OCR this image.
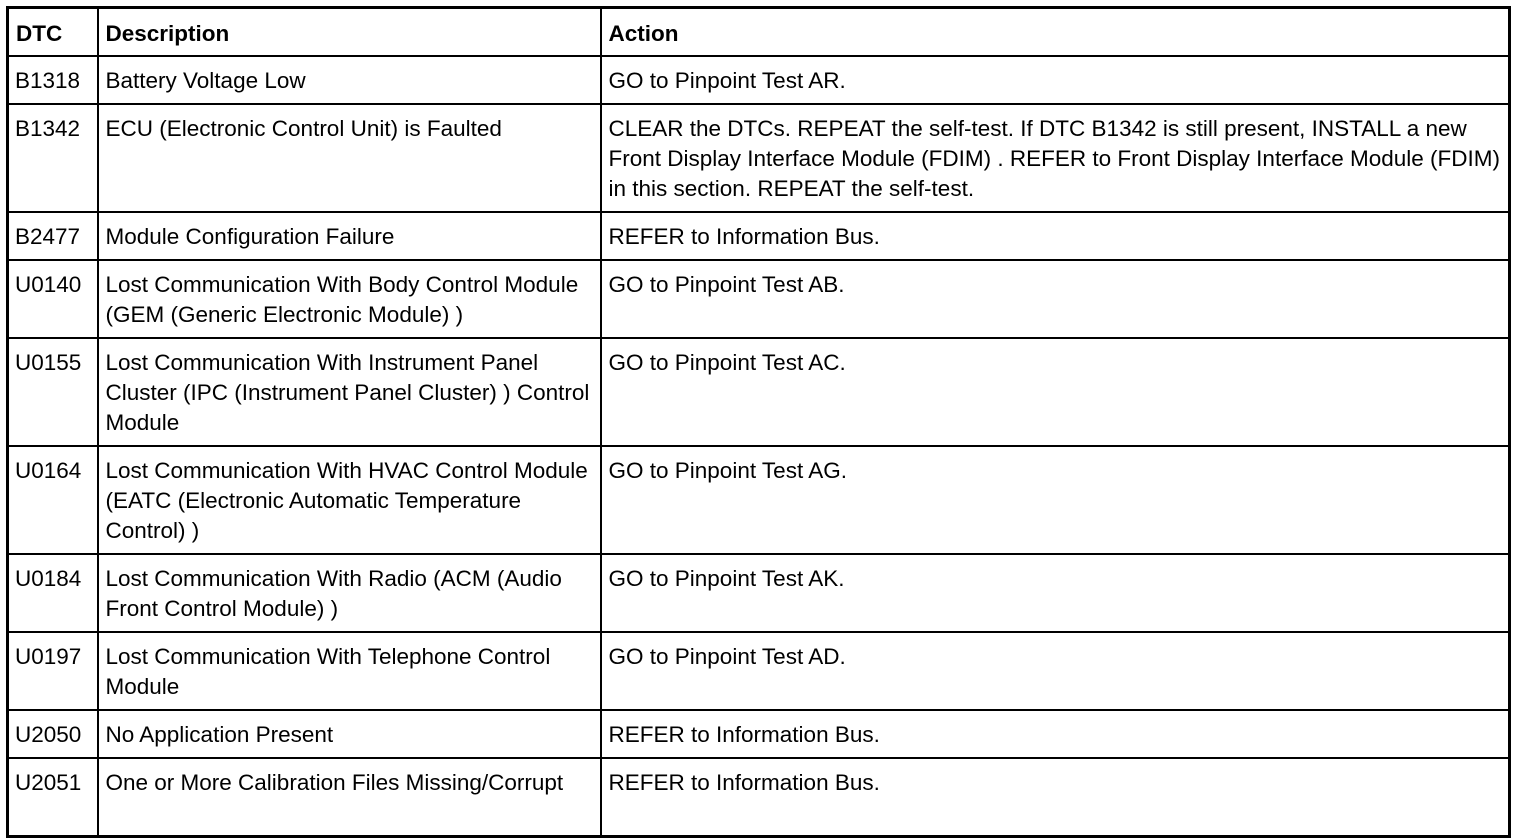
DTC	Description	Action
B1318	Battery Voltage Low	GO to Pinpoint Test AR.
B1342	ECU (Electronic Control Unit) is Faulted	CLEAR the DTCs. REPEAT the self-test. If DTC B1342 is still present, INSTALL a new Front Display Interface Module (FDIM) . REFER to Front Display Interface Module (FDIM) in this section. REPEAT the self-test.
B2477	Module Configuration Failure	REFER to Information Bus.
U0140	Lost Communication With Body Control Module (GEM (Generic Electronic Module) )	GO to Pinpoint Test AB.
U0155	Lost Communication With Instrument Panel Cluster (IPC (Instrument Panel Cluster) ) Control Module	GO to Pinpoint Test AC.
U0164	Lost Communication With HVAC Control Module (EATC (Electronic Automatic Temperature Control) )	GO to Pinpoint Test AG.
U0184	Lost Communication With Radio (ACM (Audio Front Control Module) )	GO to Pinpoint Test AK.
U0197	Lost Communication With Telephone Control Module	GO to Pinpoint Test AD.
U2050	No Application Present	REFER to Information Bus.
U2051	One or More Calibration Files Missing/Corrupt	REFER to Information Bus.
